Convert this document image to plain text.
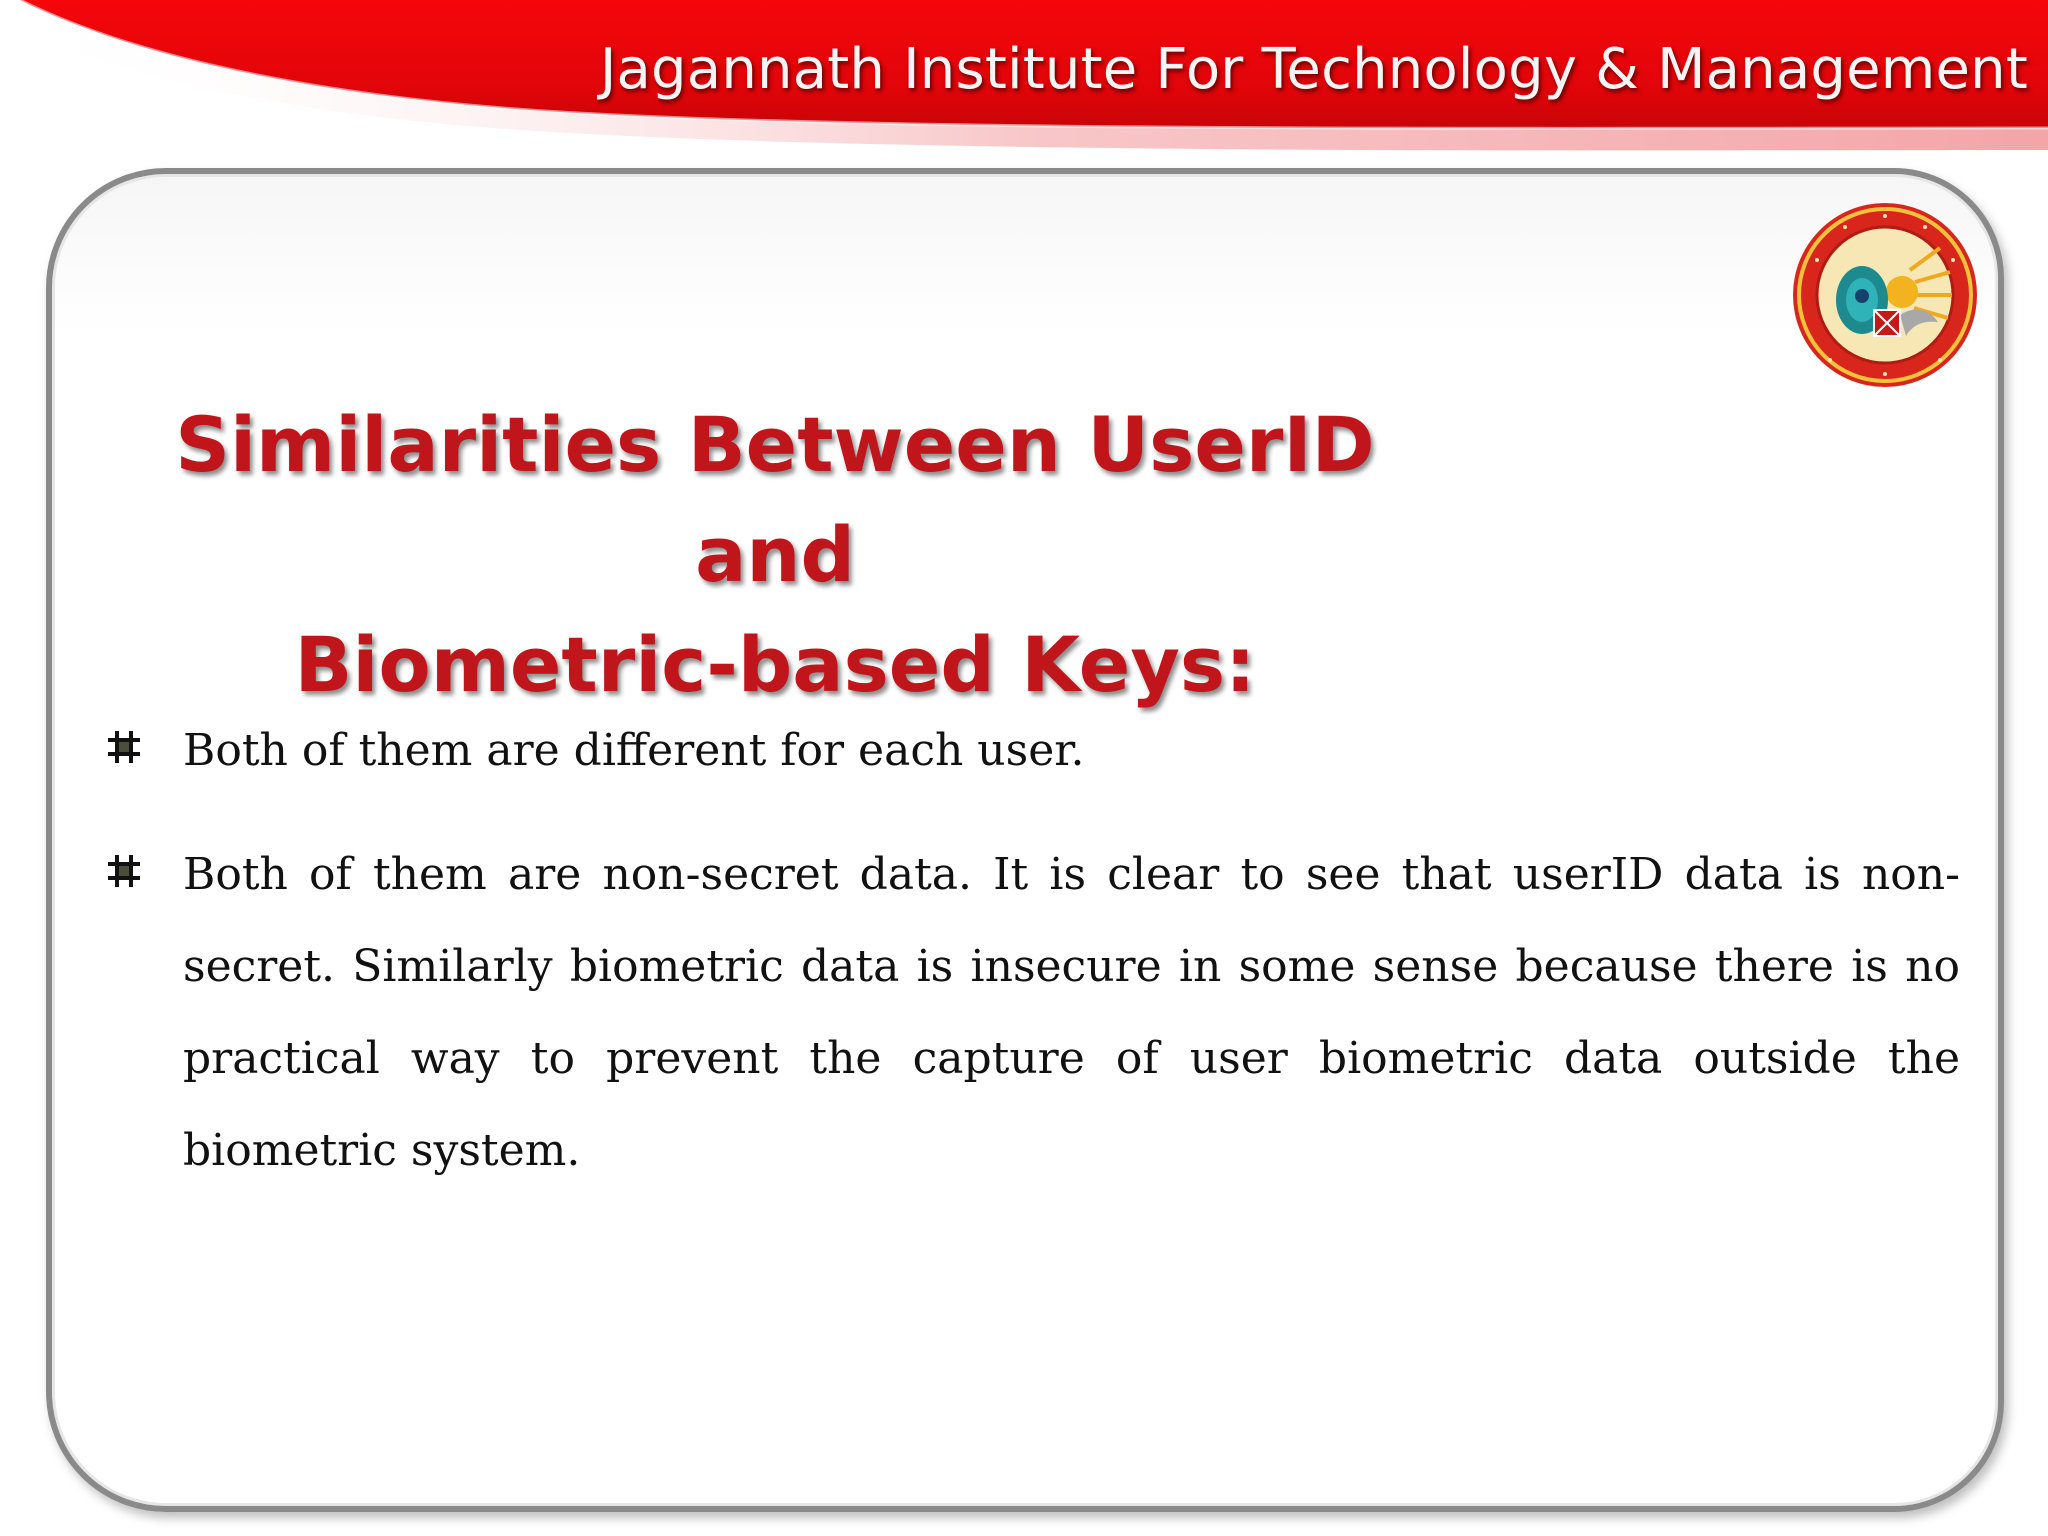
Jagannath Institute For Technology & Management
Similarities Between UserID and
Biometric-based Keys:
Both of them are different for each user.
Both of them are non-secret data. It is clear to see that userID data is non-secret. Similarly biometric data is insecure in some sense because there is no practical way to prevent the capture of user biometric data outside the biometric system.
